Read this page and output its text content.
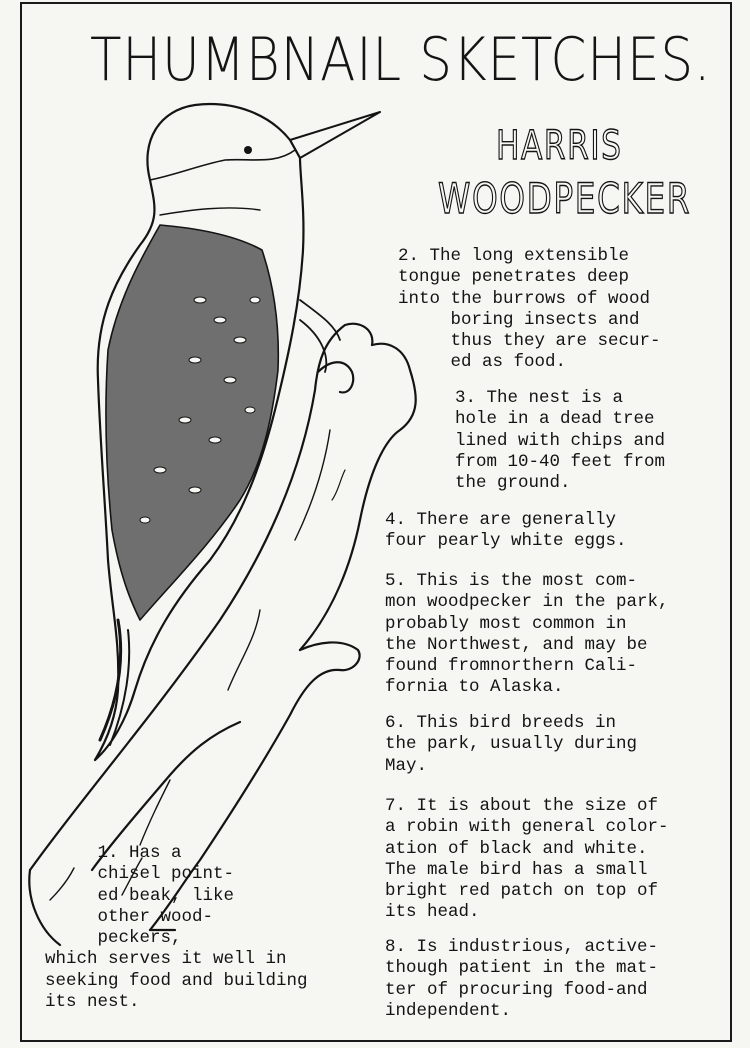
THUMBNAIL SKETCHES.
HARRIS
WOODPECKER
1. Has a
chisel point-
ed beak, like
other wood-
peckers,
which serves it well in
seeking food and building
its nest.
2. The long extensible
tongue penetrates deep
into the burrows of wood
boring insects and
thus they are secur-
ed as food.
3. The nest is a
hole in a dead tree
lined with chips and
from 10-40 feet from
the ground.
4. There are generally
four pearly white eggs.
5. This is the most com-
mon woodpecker in the park,
probably most common in
the Northwest, and may be
found fromnorthern Cali-
fornia to Alaska.
6. This bird breeds in
the park, usually during
May.
7. It is about the size of
a robin with general color-
ation of black and white.
The male bird has a small
bright red patch on top of
its head.
8. Is industrious, active-
though patient in the mat-
ter of procuring food-and
independent.
